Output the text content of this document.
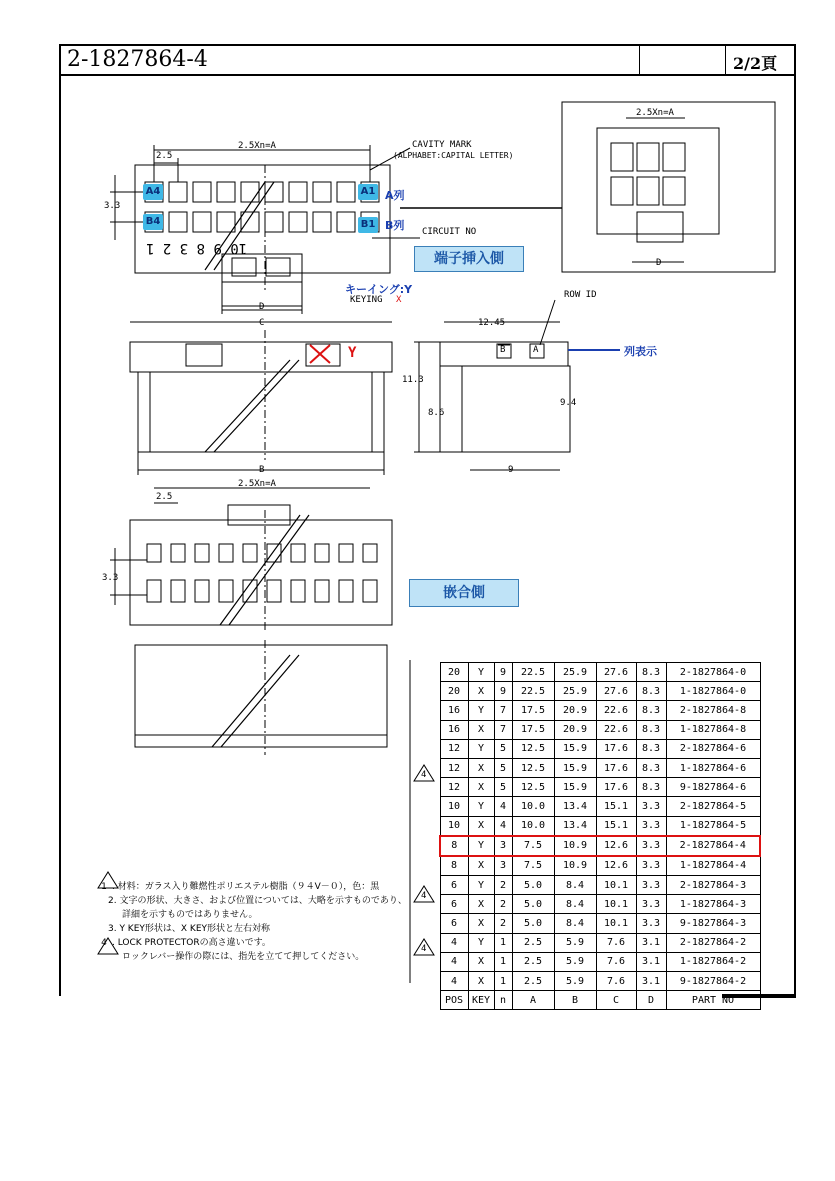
2-1827864-4	2/2頁
2.5Xn=A
2.5
3.3
CAVITY MARK
(ALPHABET:CAPITAL LETTER)
CIRCUIT NO
A4
B4
A1
B1
A列
B列
10 9 8 3 2 1
端子挿入側
D
2.5Xn=A
D
キーイング:Y
KEYING X
Y
C
B
ROW ID
12.45
11.3
8.6
9.4
9
列表示
B	A
2.5Xn=A
2.5
3.3
嵌合側
4
4
4
20	Y	9	22.5	25.9	27.6	8.3	2-1827864-0
20	X	9	22.5	25.9	27.6	8.3	1-1827864-0
16	Y	7	17.5	20.9	22.6	8.3	2-1827864-8
16	X	7	17.5	20.9	22.6	8.3	1-1827864-8
12	Y	5	12.5	15.9	17.6	8.3	2-1827864-6
12	X	5	12.5	15.9	17.6	8.3	1-1827864-6
12	X	5	12.5	15.9	17.6	8.3	9-1827864-6
10	Y	4	10.0	13.4	15.1	3.3	2-1827864-5
10	X	4	10.0	13.4	15.1	3.3	1-1827864-5
8	Y	3	7.5	10.9	12.6	3.3	2-1827864-4
8	X	3	7.5	10.9	12.6	3.3	1-1827864-4
6	Y	2	5.0	8.4	10.1	3.3	2-1827864-3
6	X	2	5.0	8.4	10.1	3.3	1-1827864-3
6	X	2	5.0	8.4	10.1	3.3	9-1827864-3
4	Y	1	2.5	5.9	7.6	3.1	2-1827864-2
4	X	1	2.5	5.9	7.6	3.1	1-1827864-2
4	X	1	2.5	5.9	7.6	3.1	9-1827864-2
POS	KEY	n	A	B	C	D	PART NO
1 . 材料：ガラス入り難燃性ポリエステル樹脂（９４V－０），色：黒
2. 文字の形状、大きさ、および位置については、大略を示すものであり、
詳細を示すものではありません。
3. Y KEY形状は、X KEY形状と左右対称
4 . LOCK PROTECTORの高さ違いです。
ロックレバー操作の際には、指先を立てて押してください。
